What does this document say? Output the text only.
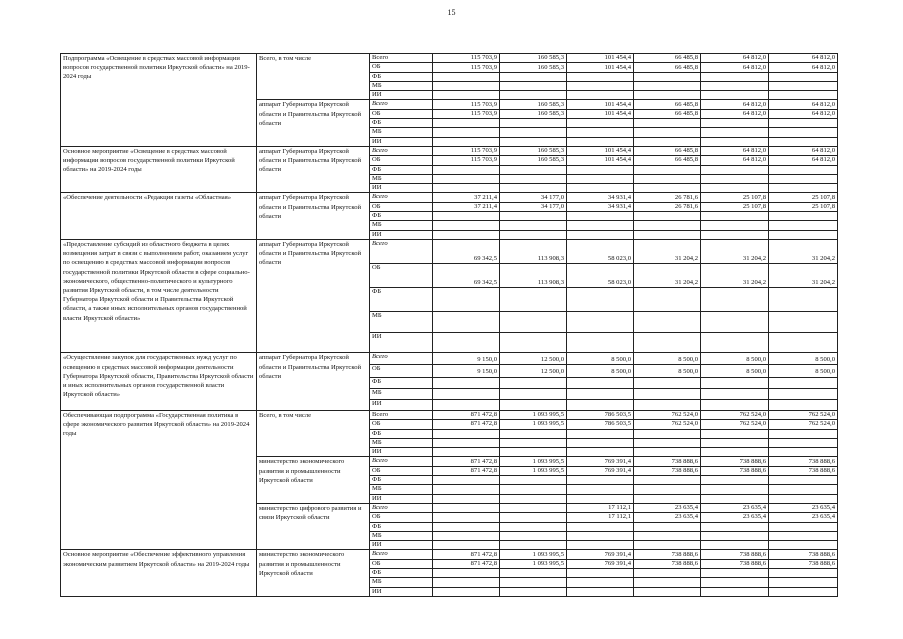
15
Подпрограмма «Освещение в средствах массовой информации вопросов государственной политики Иркутской области» на 2019-2024 годы	Всего, в том числе	Всего	115 703,9	160 585,3	101 454,4	66 485,8	64 812,0	64 812,0
		ОБ	115 703,9	160 585,3	101 454,4	66 485,8	64 812,0	64 812,0
		ФБ						
		МБ						
		ИИ						
	аппарат Губернатора Иркутской области и Правительства Иркутской области	Всего	115 703,9	160 585,3	101 454,4	66 485,8	64 812,0	64 812,0
		ОБ	115 703,9	160 585,3	101 454,4	66 485,8	64 812,0	64 812,0
		ФБ						
		МБ						
		ИИ						
Основное мероприятие «Освещение в средствах массовой информации вопросов государственной политики Иркутской области» на 2019-2024 годы	аппарат Губернатора Иркутской области и Правительства Иркутской области	Всего	115 703,9	160 585,3	101 454,4	66 485,8	64 812,0	64 812,0
		ОБ	115 703,9	160 585,3	101 454,4	66 485,8	64 812,0	64 812,0
		ФБ						
		МБ						
		ИИ						
«Обеспечение деятельности «Редакция газеты «Областная»	аппарат Губернатора Иркутской области и Правительства Иркутской области	Всего	37 211,4	34 177,0	34 931,4	26 781,6	25 107,8	25 107,8
		ОБ	37 211,4	34 177,0	34 931,4	26 781,6	25 107,8	25 107,8
		ФБ						
		МБ						
		ИИ						
«Предоставление субсидий из областного бюджета в целях возмещения затрат в связи с выполнением работ, оказанием услуг по освещению в средствах массовой информации вопросов государственной политики Иркутской области в сфере социально-экономического, общественно-политического и культурного развития Иркутской области, в том числе деятельности Губернатора Иркутской области и Правительства Иркутской области, а также иных исполнительных органов государственной власти Иркутской области»	аппарат Губернатора Иркутской области и Правительства Иркутской области	Всего	69 342,5	113 908,3	58 023,0	31 204,2	31 204,2	31 204,2
		ОБ	69 342,5	113 908,3	58 023,0	31 204,2	31 204,2	31 204,2
		ФБ						
		МБ						
		ИИ						
«Осуществление закупок для государственных нужд услуг по освещению в средствах массовой информации деятельности Губернатора Иркутской области, Правительства Иркутской области и иных исполнительных органов государственной власти Иркутской области»	аппарат Губернатора Иркутской области и Правительства Иркутской области	Всего	9 150,0	12 500,0	8 500,0	8 500,0	8 500,0	8 500,0
		ОБ	9 150,0	12 500,0	8 500,0	8 500,0	8 500,0	8 500,0
		ФБ						
		МБ						
		ИИ						
Обеспечивающая подпрограмма «Государственная политика в сфере экономического развития Иркутской области» на 2019-2024 годы	Всего, в том числе	Всего	871 472,8	1 093 995,5	786 503,5	762 524,0	762 524,0	762 524,0
		ОБ	871 472,8	1 093 995,5	786 503,5	762 524,0	762 524,0	762 524,0
		ФБ						
		МБ						
		ИИ						
	министерство экономического развития и промышленности Иркутской области	Всего	871 472,8	1 093 995,5	769 391,4	738 888,6	738 888,6	738 888,6
		ОБ	871 472,8	1 093 995,5	769 391,4	738 888,6	738 888,6	738 888,6
		ФБ						
		МБ						
		ИИ						
	министерство цифрового развития и связи Иркутской области	Всего			17 112,1	23 635,4	23 635,4	23 635,4
		ОБ			17 112,1	23 635,4	23 635,4	23 635,4
		ФБ						
		МБ						
		ИИ						
Основное мероприятие «Обеспечение эффективного управления экономическим развитием Иркутской области» на 2019-2024 годы	министерство экономического развития и промышленности Иркутской области	Всего	871 472,8	1 093 995,5	769 391,4	738 888,6	738 888,6	738 888,6
		ОБ	871 472,8	1 093 995,5	769 391,4	738 888,6	738 888,6	738 888,6
		ФБ						
		МБ						
		ИИ						
